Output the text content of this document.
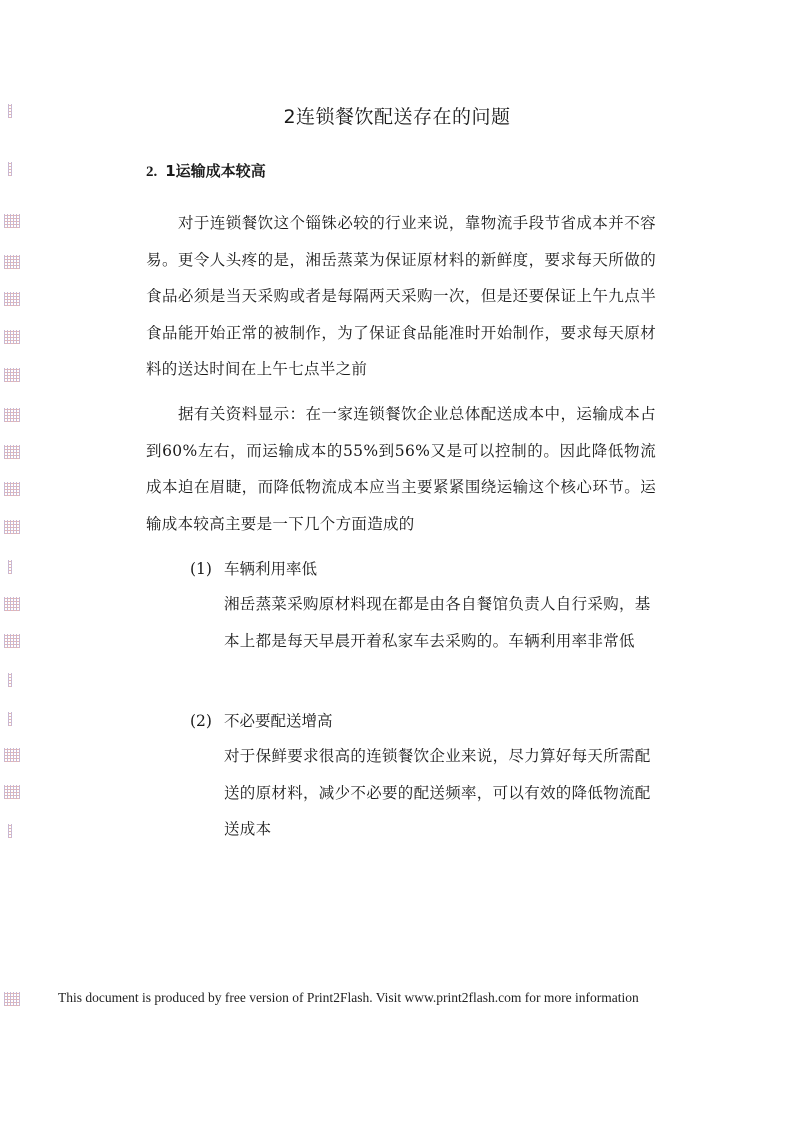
2连锁餐饮配送存在的问题
2. 1运输成本较高
对于连锁餐饮这个锱铢必较的行业来说，靠物流手段节省成本并不容易。更令人头疼的是，湘岳蒸菜为保证原材料的新鲜度，要求每天所做的食品必须是当天采购或者是每隔两天采购一次，但是还要保证上午九点半食品能开始正常的被制作，为了保证食品能准时开始制作，要求每天原材料的送达时间在上午七点半之前
据有关资料显示：在一家连锁餐饮企业总体配送成本中，运输成本占到60%左右，而运输成本的55%到56%又是可以控制的。因此降低物流成本迫在眉睫，而降低物流成本应当主要紧紧围绕运输这个核心环节。运输成本较高主要是一下几个方面造成的
(1) 车辆利用率低
湘岳蒸菜采购原材料现在都是由各自餐馆负责人自行采购，基本上都是每天早晨开着私家车去采购的。车辆利用率非常低
(2) 不必要配送增高
对于保鲜要求很高的连锁餐饮企业来说，尽力算好每天所需配送的原材料，减少不必要的配送频率，可以有效的降低物流配送成本
This document is produced by free version of Print2Flash. Visit www.print2flash.com for more information
